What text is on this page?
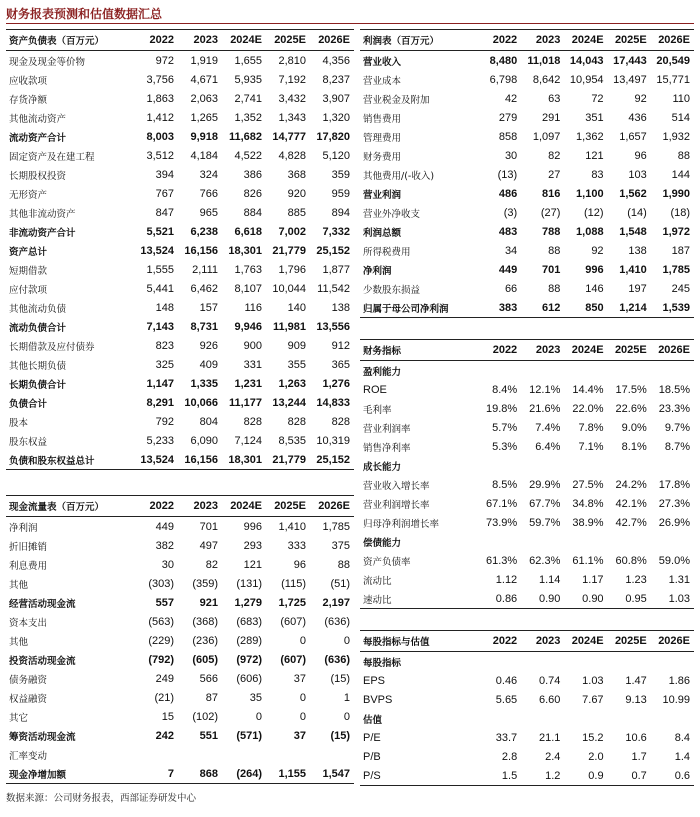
财务报表预测和估值数据汇总
资产负债表（百万元）	2022	2023	2024E	2025E	2026E
现金及现金等价物	972	1,919	1,655	2,810	4,356
应收款项	3,756	4,671	5,935	7,192	8,237
存货净额	1,863	2,063	2,741	3,432	3,907
其他流动资产	1,412	1,265	1,352	1,343	1,320
流动资产合计	8,003	9,918	11,682	14,777	17,820
固定资产及在建工程	3,512	4,184	4,522	4,828	5,120
长期股权投资	394	324	386	368	359
无形资产	767	766	826	920	959
其他非流动资产	847	965	884	885	894
非流动资产合计	5,521	6,238	6,618	7,002	7,332
资产总计	13,524	16,156	18,301	21,779	25,152
短期借款	1,555	2,111	1,763	1,796	1,877
应付款项	5,441	6,462	8,107	10,044	11,542
其他流动负债	148	157	116	140	138
流动负债合计	7,143	8,731	9,946	11,981	13,556
长期借款及应付债券	823	926	900	909	912
其他长期负债	325	409	331	355	365
长期负债合计	1,147	1,335	1,231	1,263	1,276
负债合计	8,291	10,066	11,177	13,244	14,833
股本	792	804	828	828	828
股东权益	5,233	6,090	7,124	8,535	10,319
负债和股东权益总计	13,524	16,156	18,301	21,779	25,152
现金流量表（百万元）	2022	2023	2024E	2025E	2026E
净利润	449	701	996	1,410	1,785
折旧摊销	382	497	293	333	375
利息费用	30	82	121	96	88
其他	(303)	(359)	(131)	(115)	(51)
经营活动现金流	557	921	1,279	1,725	2,197
资本支出	(563)	(368)	(683)	(607)	(636)
其他	(229)	(236)	(289)	0	0
投资活动现金流	(792)	(605)	(972)	(607)	(636)
债务融资	249	566	(606)	37	(15)
权益融资	(21)	87	35	0	1
其它	15	(102)	0	0	0
筹资活动现金流	242	551	(571)	37	(15)
汇率变动					
现金净增加额	7	868	(264)	1,155	1,547
利润表（百万元）	2022	2023	2024E	2025E	2026E
营业收入	8,480	11,018	14,043	17,443	20,549
营业成本	6,798	8,642	10,954	13,497	15,771
营业税金及附加	42	63	72	92	110
销售费用	279	291	351	436	514
管理费用	858	1,097	1,362	1,657	1,932
财务费用	30	82	121	96	88
其他费用/(-收入)	(13)	27	83	103	144
营业利润	486	816	1,100	1,562	1,990
营业外净收支	(3)	(27)	(12)	(14)	(18)
利润总额	483	788	1,088	1,548	1,972
所得税费用	34	88	92	138	187
净利润	449	701	996	1,410	1,785
少数股东损益	66	88	146	197	245
归属于母公司净利润	383	612	850	1,214	1,539
财务指标	2022	2023	2024E	2025E	2026E
盈利能力					
ROE	8.4%	12.1%	14.4%	17.5%	18.5%
毛利率	19.8%	21.6%	22.0%	22.6%	23.3%
营业利润率	5.7%	7.4%	7.8%	9.0%	9.7%
销售净利率	5.3%	6.4%	7.1%	8.1%	8.7%
成长能力					
营业收入增长率	8.5%	29.9%	27.5%	24.2%	17.8%
营业利润增长率	67.1%	67.7%	34.8%	42.1%	27.3%
归母净利润增长率	73.9%	59.7%	38.9%	42.7%	26.9%
偿债能力					
资产负债率	61.3%	62.3%	61.1%	60.8%	59.0%
流动比	1.12	1.14	1.17	1.23	1.31
速动比	0.86	0.90	0.90	0.95	1.03
每股指标与估值	2022	2023	2024E	2025E	2026E
每股指标					
EPS	0.46	0.74	1.03	1.47	1.86
BVPS	5.65	6.60	7.67	9.13	10.99
估值					
P/E	33.7	21.1	15.2	10.6	8.4
P/B	2.8	2.4	2.0	1.7	1.4
P/S	1.5	1.2	0.9	0.7	0.6
数据来源：公司财务报表，西部证券研发中心
